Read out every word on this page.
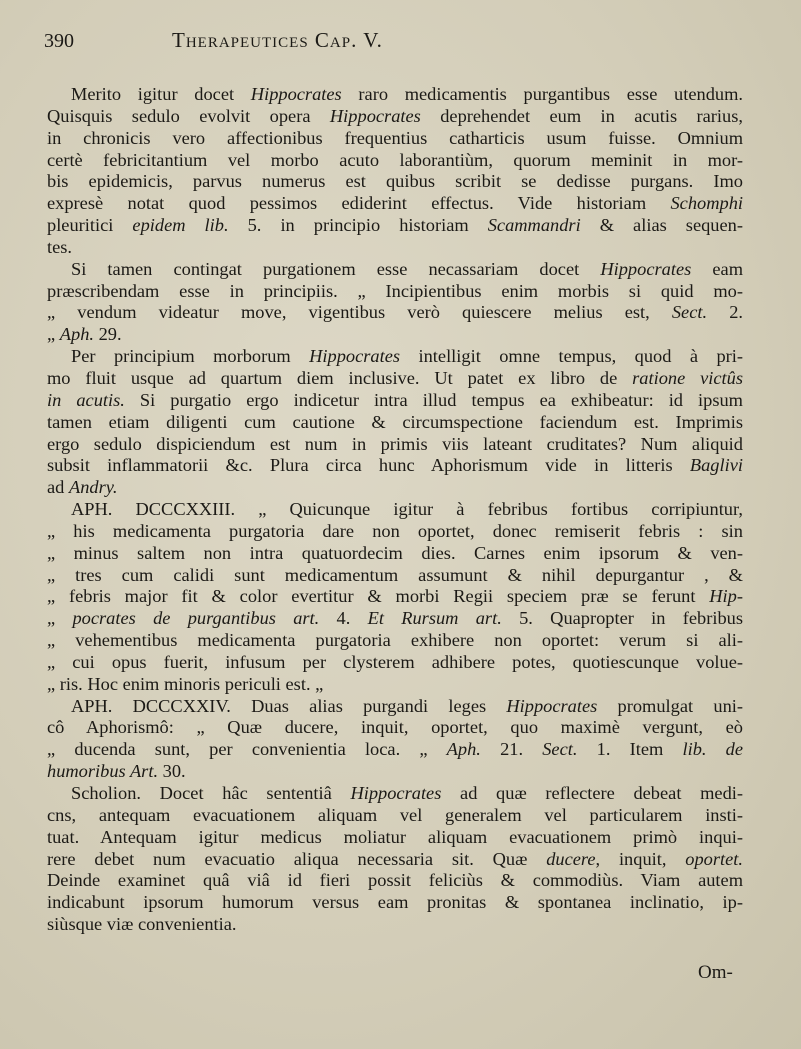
390	Therapeutices Cap. V.
Merito igitur docet Hippocrates raro medicamentis purgantibus esse utendum.
Quisquis sedulo evolvit opera Hippocrates deprehendet eum in acutis rarius,
in chronicis vero affectionibus frequentius catharticis usum fuisse. Omnium
certè febricitantium vel morbo acuto laborantiùm, quorum meminit in mor-
bis epidemicis, parvus numerus est quibus scribit se dedisse purgans. Imo
expresè notat quod pessimos ediderint effectus. Vide historiam Schomphi
pleuritici epidem lib. 5. in principio historiam Scammandri & alias sequen-
tes.
Si tamen contingat purgationem esse necassariam docet Hippocrates eam
præscribendam esse in principiis. „ Incipientibus enim morbis si quid mo-
„ vendum videatur move, vigentibus verò quiescere melius est, Sect. 2.
„ Aph. 29.
Per principium morborum Hippocrates intelligit omne tempus, quod à pri-
mo fluit usque ad quartum diem inclusive. Ut patet ex libro de ratione victûs
in acutis. Si purgatio ergo indicetur intra illud tempus ea exhibeatur: id ipsum
tamen etiam diligenti cum cautione & circumspectione faciendum est. Imprimis
ergo sedulo dispiciendum est num in primis viis lateant cruditates? Num aliquid
subsit inflammatorii &c. Plura circa hunc Aphorismum vide in litteris Baglivi
ad Andry.
APH. DCCCXXIII. „ Quicunque igitur à febribus fortibus corripiuntur,
„ his medicamenta purgatoria dare non oportet, donec remiserit febris : sin
„ minus saltem non intra quatuordecim dies. Carnes enim ipsorum & ven-
„ tres cum calidi sunt medicamentum assumunt & nihil depurgantur , &
„ febris major fit & color evertitur & morbi Regii speciem præ se ferunt Hip-
„ pocrates de purgantibus art. 4. Et Rursum art. 5. Quapropter in febribus
„ vehementibus medicamenta purgatoria exhibere non oportet: verum si ali-
„ cui opus fuerit, infusum per clysterem adhibere potes, quotiescunque volue-
„ ris. Hoc enim minoris periculi est. „
APH. DCCCXXIV. Duas alias purgandi leges Hippocrates promulgat uni-
cô Aphorismô: „ Quæ ducere, inquit, oportet, quo maximè vergunt, eò
„ ducenda sunt, per convenientia loca. „ Aph. 21. Sect. 1. Item lib. de
humoribus Art. 30.
Scholion. Docet hâc sententiâ Hippocrates ad quæ reflectere debeat medi-
cns, antequam evacuationem aliquam vel generalem vel particularem insti-
tuat. Antequam igitur medicus moliatur aliquam evacuationem primò inqui-
rere debet num evacuatio aliqua necessaria sit. Quæ ducere, inquit, oportet.
Deinde examinet quâ viâ id fieri possit feliciùs & commodiùs. Viam autem
indicabunt ipsorum humorum versus eam pronitas & spontanea inclinatio, ip-
siùsque viæ convenientia.
Om-
